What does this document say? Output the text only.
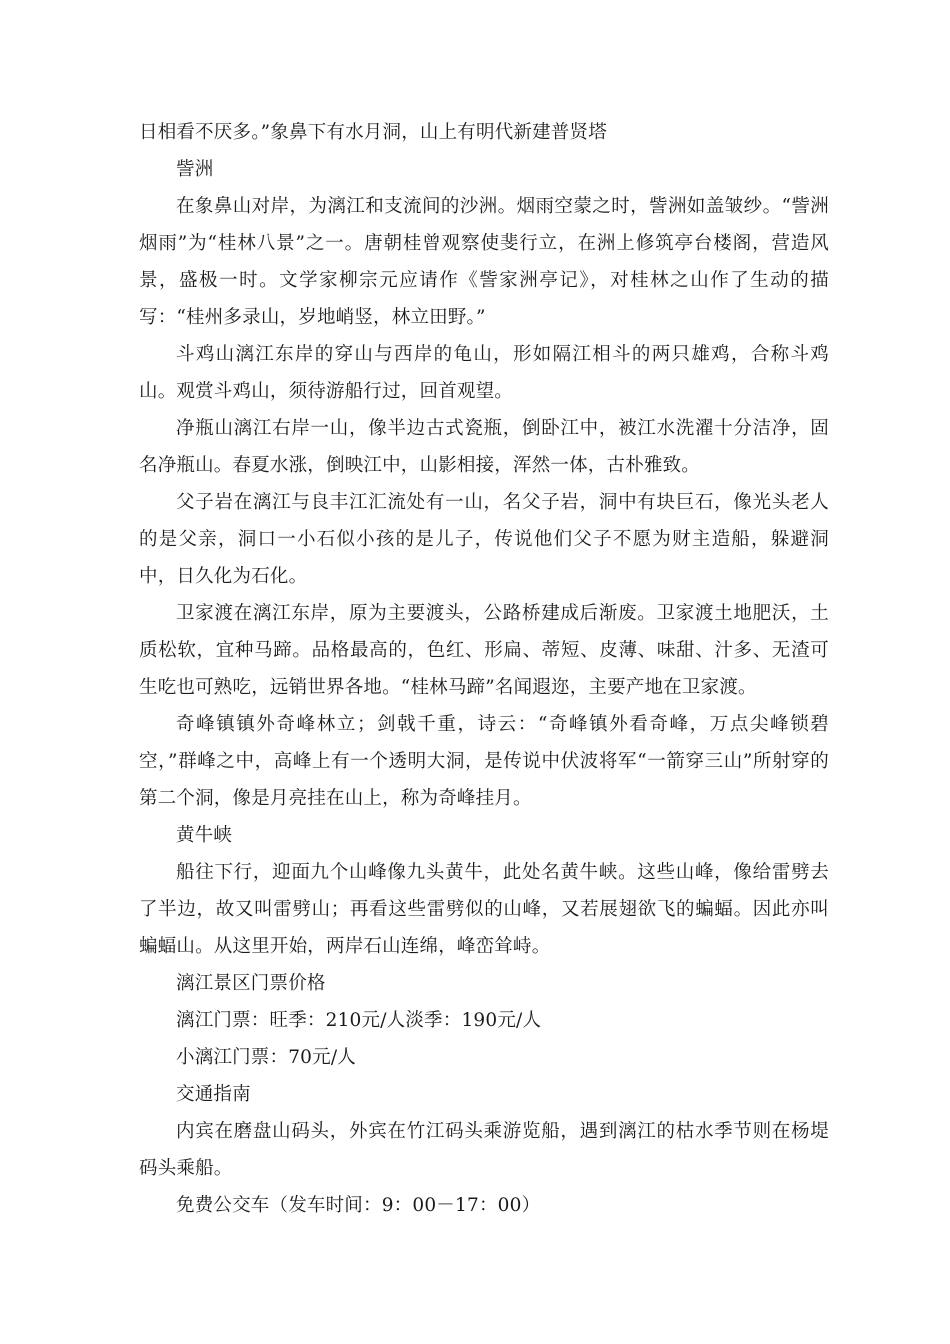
日相看不厌多。”象鼻下有水月洞，山上有明代新建普贤塔

訾洲

在象鼻山对岸，为漓江和支流间的沙洲。烟雨空蒙之时，訾洲如盖皱纱。“訾洲烟雨”为“桂林八景”之一。唐朝桂曾观察使斐行立，在洲上修筑亭台楼阁，营造风景，盛极一时。文学家柳宗元应请作《訾家洲亭记》，对桂林之山作了生动的描写：“桂州多录山，岁地峭竖，林立田野。”

斗鸡山漓江东岸的穿山与西岸的龟山，形如隔江相斗的两只雄鸡，合称斗鸡山。观赏斗鸡山，须待游船行过，回首观望。

净瓶山漓江右岸一山，像半边古式瓷瓶，倒卧江中，被江水洗濯十分洁净，固名净瓶山。春夏水涨，倒映江中，山影相接，浑然一体，古朴雅致。

父子岩在漓江与良丰江汇流处有一山，名父子岩，洞中有块巨石，像光头老人的是父亲，洞口一小石似小孩的是儿子，传说他们父子不愿为财主造船，躲避洞中，日久化为石化。

卫家渡在漓江东岸，原为主要渡头，公路桥建成后渐废。卫家渡土地肥沃，土质松软，宜种马蹄。品格最高的，色红、形扁、蒂短、皮薄、味甜、汁多、无渣可生吃也可熟吃，远销世界各地。“桂林马蹄”名闻遐迩，主要产地在卫家渡。

奇峰镇镇外奇峰林立；剑戟千重，诗云：“奇峰镇外看奇峰，万点尖峰锁碧空，”群峰之中，高峰上有一个透明大洞，是传说中伏波将军“一箭穿三山”所射穿的第二个洞，像是月亮挂在山上，称为奇峰挂月。

黄牛峡

船往下行，迎面九个山峰像九头黄牛，此处名黄牛峡。这些山峰，像给雷劈去了半边，故又叫雷劈山；再看这些雷劈似的山峰，又若展翅欲飞的蝙蝠。因此亦叫蝙蝠山。从这里开始，两岸石山连绵，峰峦耸峙。

漓江景区门票价格

漓江门票：旺季：210元/人淡季：190元/人

小漓江门票：70元/人

交通指南

内宾在磨盘山码头，外宾在竹江码头乘游览船，遇到漓江的枯水季节则在杨堤码头乘船。

免费公交车（发车时间：9：00－17：00）
